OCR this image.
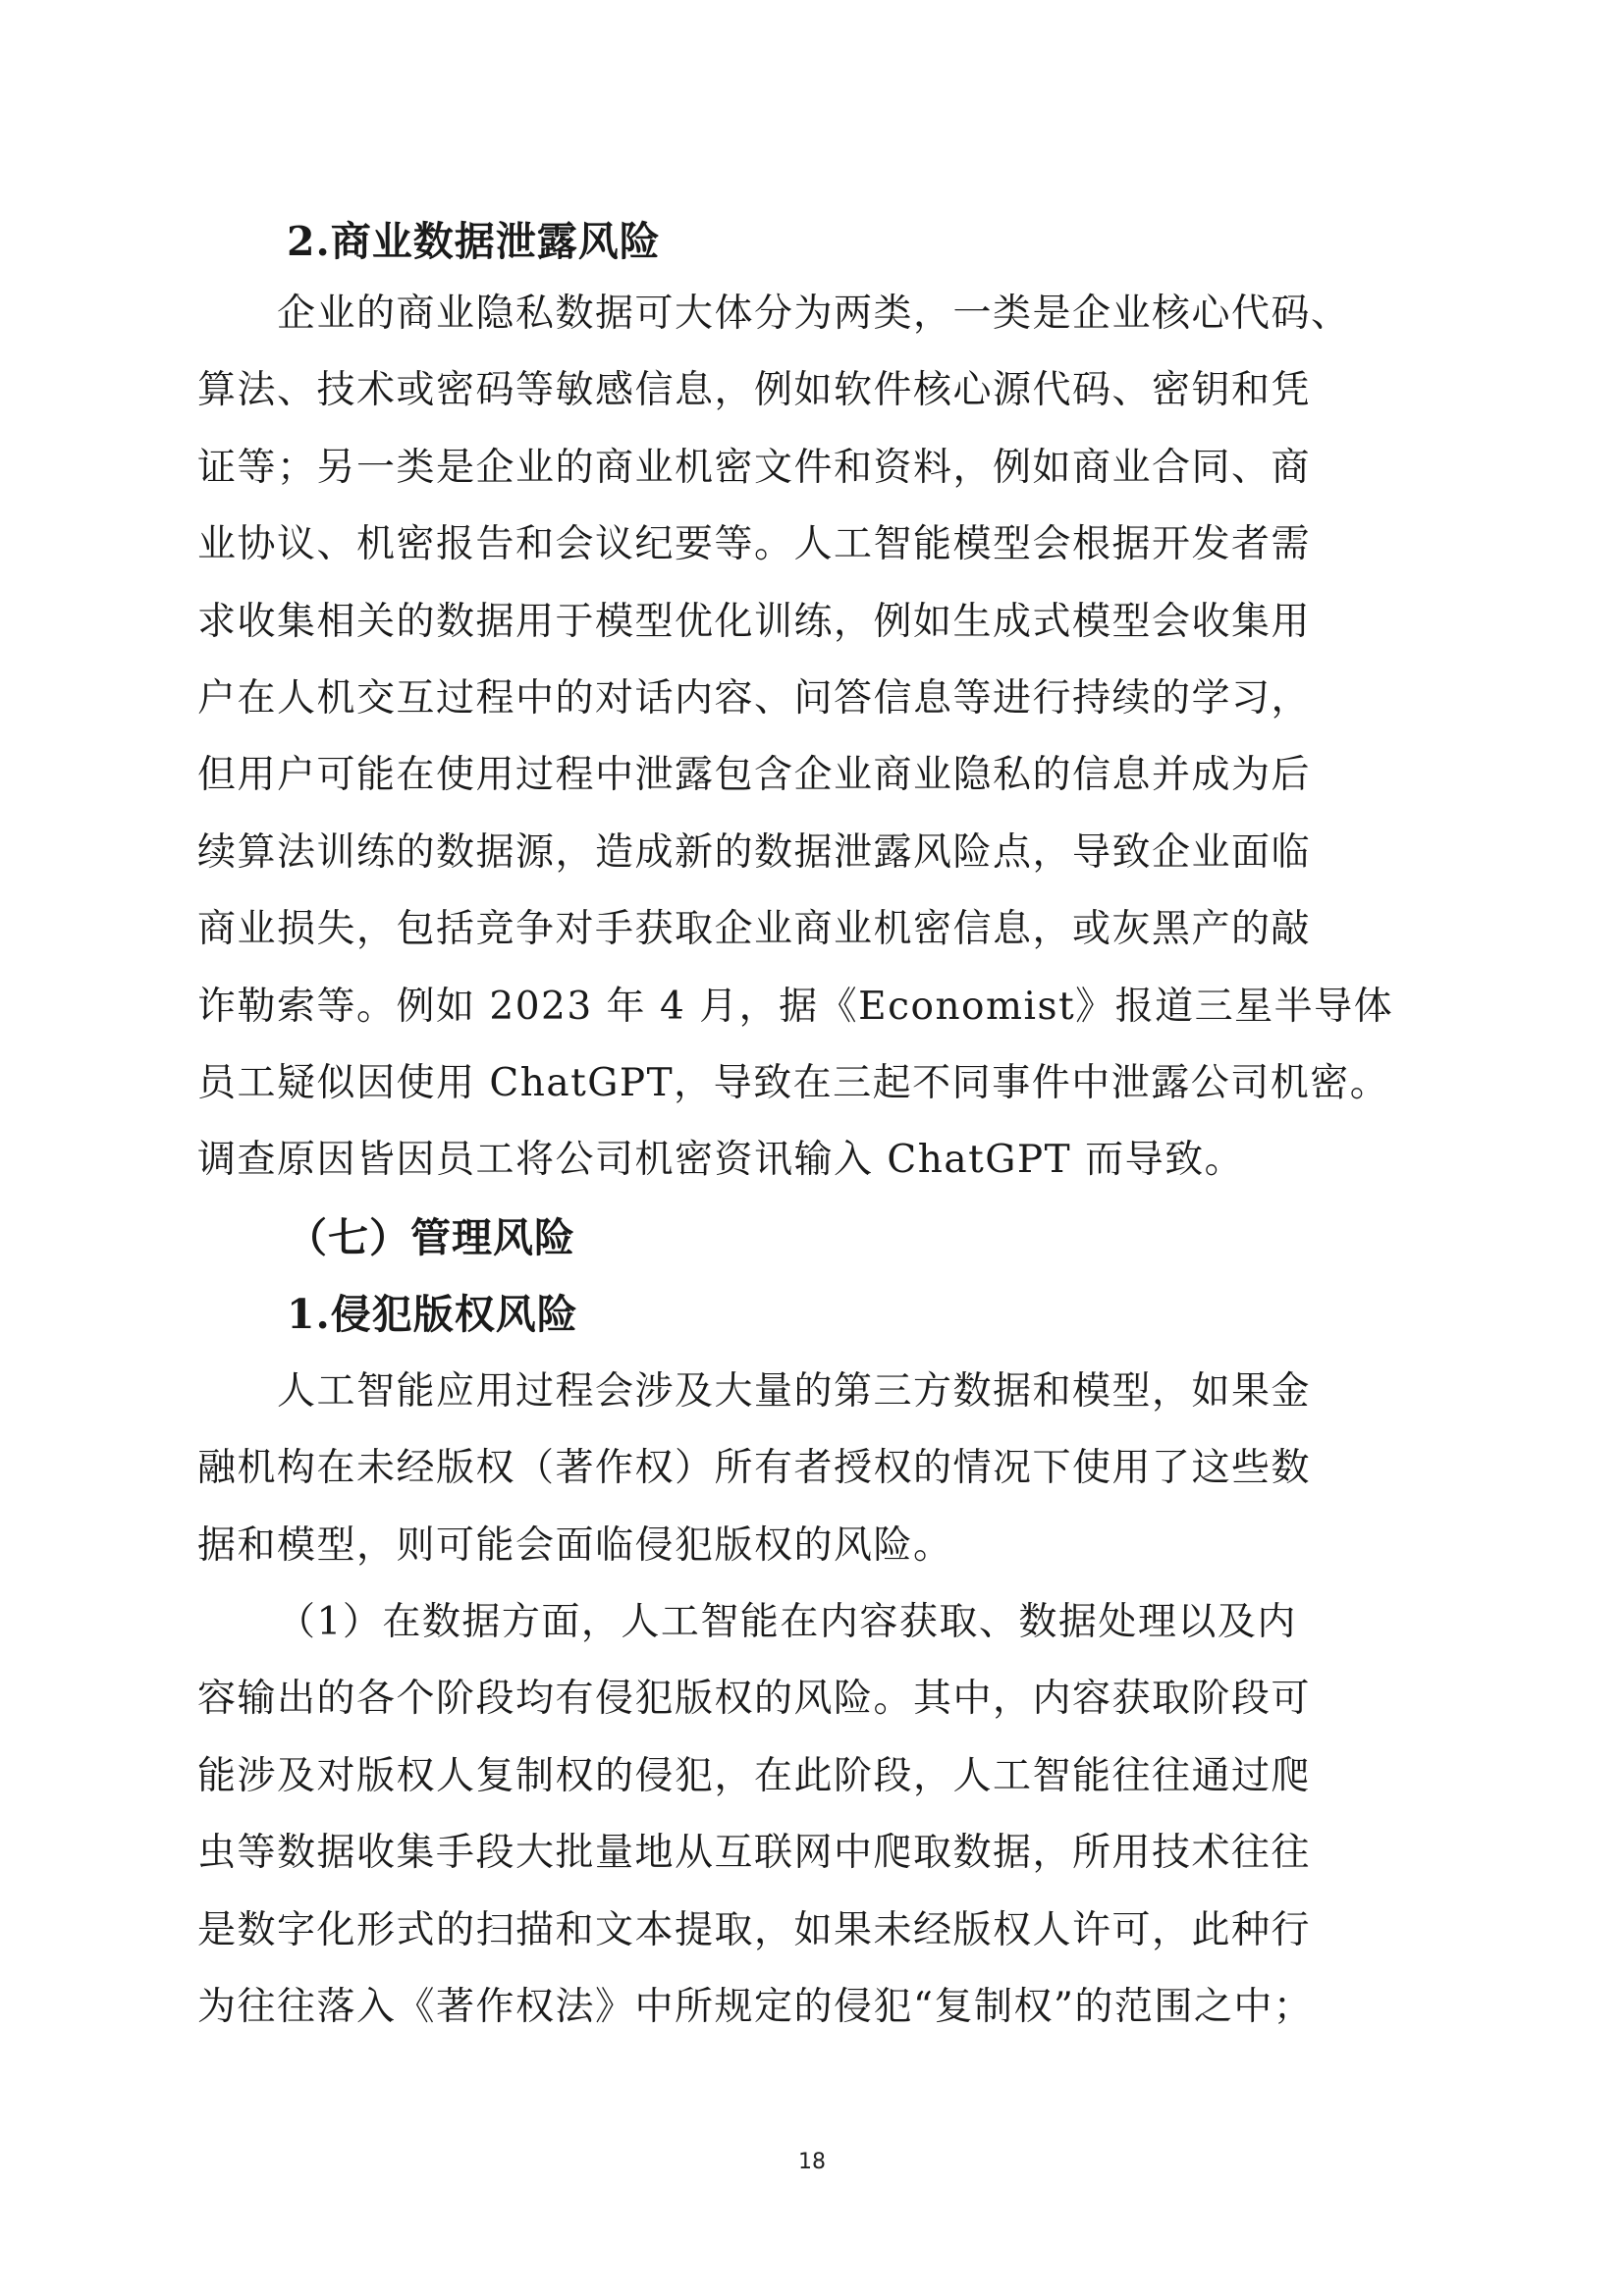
2.商业数据泄露风险
企业的商业隐私数据可大体分为两类，一类是企业核心代码、
算法、技术或密码等敏感信息，例如软件核心源代码、密钥和凭
证等；另一类是企业的商业机密文件和资料，例如商业合同、商
业协议、机密报告和会议纪要等。人工智能模型会根据开发者需
求收集相关的数据用于模型优化训练，例如生成式模型会收集用
户在人机交互过程中的对话内容、问答信息等进行持续的学习，
但用户可能在使用过程中泄露包含企业商业隐私的信息并成为后
续算法训练的数据源，造成新的数据泄露风险点，导致企业面临
商业损失，包括竞争对手获取企业商业机密信息，或灰黑产的敲
诈勒索等。例如 2023 年 4 月，据《Economist》报道三星半导体
员工疑似因使用 ChatGPT，导致在三起不同事件中泄露公司机密。
调查原因皆因员工将公司机密资讯输入 ChatGPT 而导致。
（七）管理风险
1.侵犯版权风险
人工智能应用过程会涉及大量的第三方数据和模型，如果金
融机构在未经版权（著作权）所有者授权的情况下使用了这些数
据和模型，则可能会面临侵犯版权的风险。
（1）在数据方面，人工智能在内容获取、数据处理以及内
容输出的各个阶段均有侵犯版权的风险。其中，内容获取阶段可
能涉及对版权人复制权的侵犯，在此阶段，人工智能往往通过爬
虫等数据收集手段大批量地从互联网中爬取数据，所用技术往往
是数字化形式的扫描和文本提取，如果未经版权人许可，此种行
为往往落入《著作权法》中所规定的侵犯“复制权”的范围之中；
18
